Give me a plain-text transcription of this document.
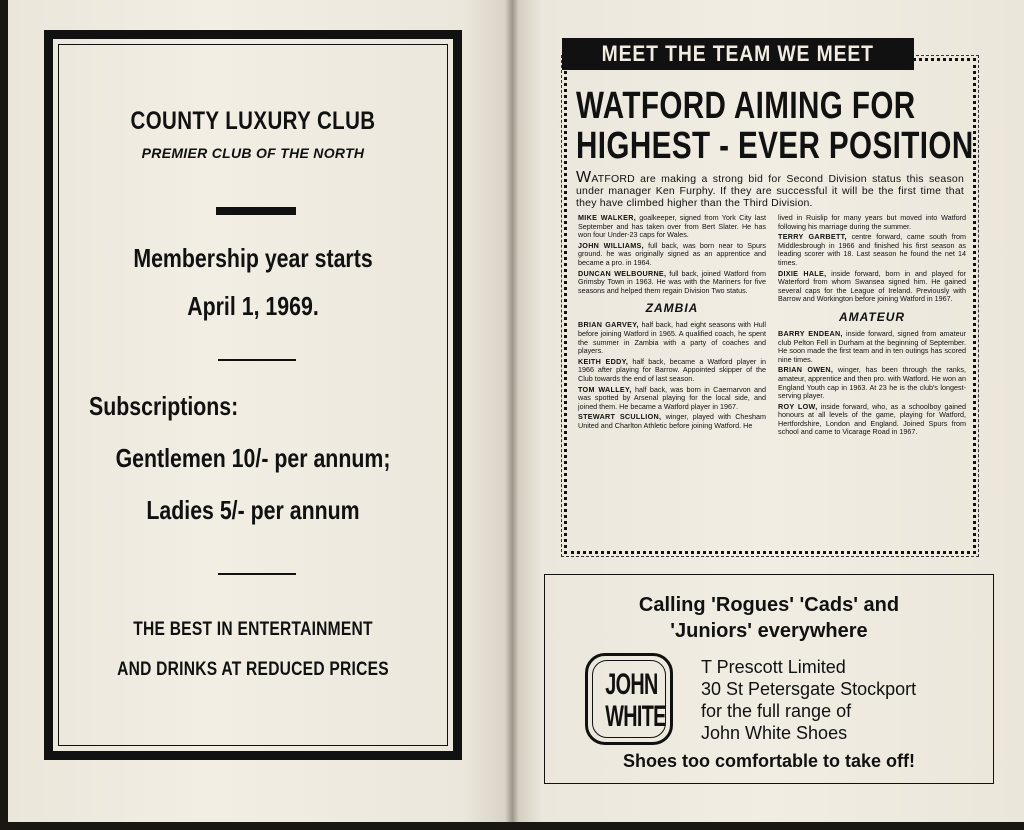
COUNTY LUXURY CLUB
PREMIER CLUB OF THE NORTH
Membership year starts
April 1, 1969.
Subscriptions:
Gentlemen 10/- per annum;
Ladies 5/- per annum
THE BEST IN ENTERTAINMENT
AND DRINKS AT REDUCED PRICES
MEET THE TEAM WE MEET
WATFORD AIMING FOR
HIGHEST - EVER POSITION
WATFORD are making a strong bid for Second Division status this season under manager Ken Furphy. If they are successful it will be the first time that they have climbed higher than the Third Division.

MIKE WALKER, goalkeeper, signed from York City last September and has taken over from Bert Slater. He has won four Under-23 caps for Wales.

JOHN WILLIAMS, full back, was born near to Spurs ground. he was originally signed as an apprentice and became a pro. in 1964.

DUNCAN WELBOURNE, full back, joined Watford from Grimsby Town in 1963. He was with the Mariners for five seasons and helped them regain Division Two status.

ZAMBIA

BRIAN GARVEY, half back, had eight seasons with Hull before joining Watford in 1965. A qualified coach, he spent the summer in Zambia with a party of coaches and players.

KEITH EDDY, half back, became a Watford player in 1966 after playing for Barrow. Appointed skipper of the Club towards the end of last season.

TOM WALLEY, half back, was born in Caernarvon and was spotted by Arsenal playing for the local side, and joined them. He became a Watford player in 1967.

STEWART SCULLION, winger, played with Chesham United and Charlton Athletic before joining Watford. He

lived in Ruislip for many years but moved into Watford following his marriage during the summer.

TERRY GARBETT, centre forward, came south from Middlesbrough in 1966 and finished his first season as leading scorer with 18. Last season he found the net 14 times.

DIXIE HALE, inside forward, born in and played for Waterford from whom Swansea signed him. He gained several caps for the League of Ireland. Previously with Barrow and Workington before joining Watford in 1967.

AMATEUR

BARRY ENDEAN, inside forward, signed from amateur club Pelton Fell in Durham at the beginning of September. He soon made the first team and in ten outings has scored nine times.

BRIAN OWEN, winger, has been through the ranks, amateur, apprentice and then pro. with Watford. He won an England Youth cap in 1963. At 23 he is the club's longest-serving player.

ROY LOW, inside forward, who, as a schoolboy gained honours at all levels of the game, playing for Watford, Hertfordshire, London and England. Joined Spurs from school and came to Vicarage Road in 1967.

Calling 'Rogues' 'Cads' and
'Juniors' everywhere
JOHN
WHITE
T Prescott Limited
30 St Petersgate Stockport
for the full range of
John White Shoes
Shoes too comfortable to take off!
